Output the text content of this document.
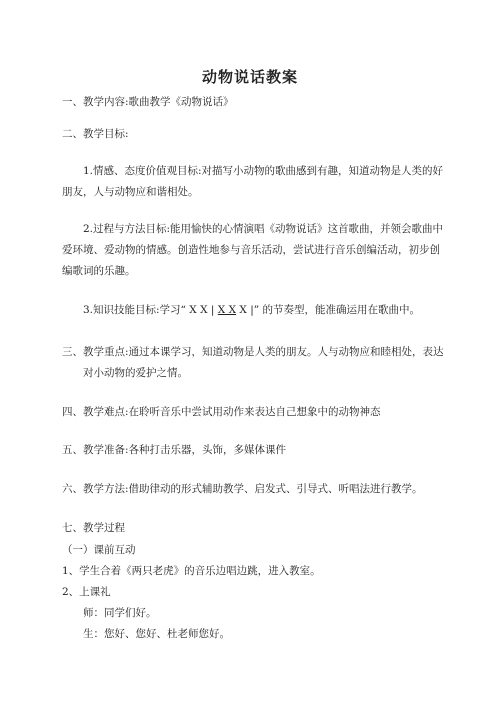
动物说话教案
一、教学内容:歌曲教学《动物说话》
二、教学目标:
1.情感、态度价值观目标:对描写小动物的歌曲感到有趣，知道动物是人类的好朋友，人与动物应和谐相处。
2.过程与方法目标:能用愉快的心情演唱《动物说话》这首歌曲，并领会歌曲中爱环境、爱动物的情感。创造性地参与音乐活动，尝试进行音乐创编活动，初步创编歌词的乐趣。
3.知识技能目标:学习“ X X | X X X |” 的节奏型，能准确运用在歌曲中。
三、教学重点:通过本课学习，知道动物是人类的朋友。人与动物应和睦相处，表达对小动物的爱护之情。
四、教学难点:在聆听音乐中尝试用动作来表达自己想象中的动物神态
五、教学准备:各种打击乐器，头饰，多媒体课件
六、教学方法:借助律动的形式辅助教学、启发式、引导式、听唱法进行教学。
七、教学过程
（一）课前互动
1、学生合着《两只老虎》的音乐边唱边跳，进入教室。
2、上课礼
师：同学们好。
生：您好、您好、杜老师您好。
